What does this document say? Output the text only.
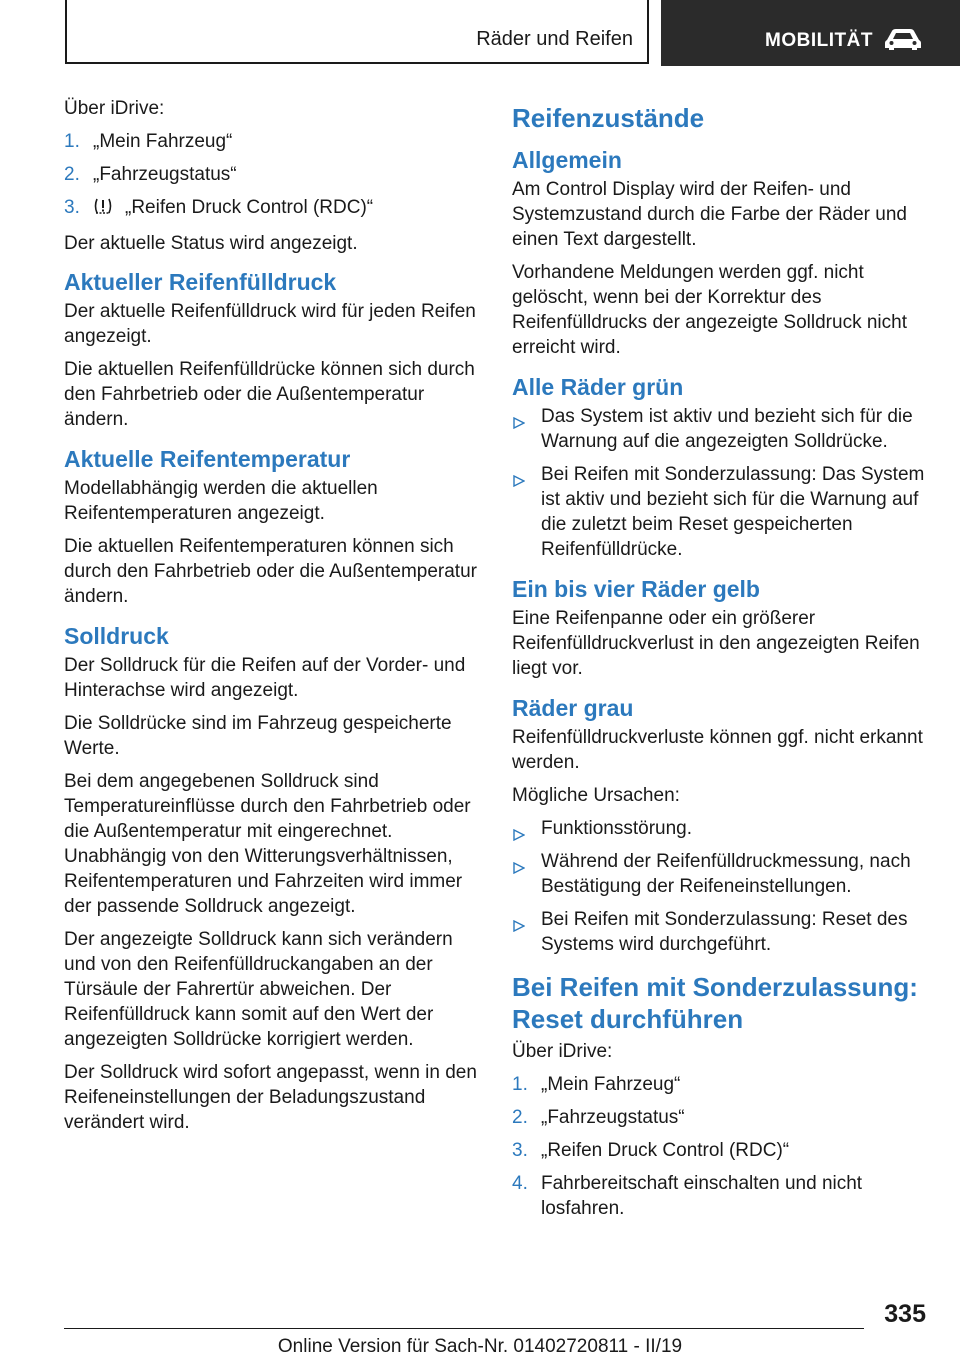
Räder und Reifen	MOBILITÄT

Über iDrive:

1. „Mein Fahrzeug“
2. „Fahrzeugstatus“
3. „Reifen Druck Control (RDC)“

Der aktuelle Status wird angezeigt.

Aktueller Reifenfülldruck

Der aktuelle Reifenfülldruck wird für jeden Reifen angezeigt.

Die aktuellen Reifenfülldrücke können sich durch den Fahrbetrieb oder die Außentemperatur ändern.

Aktuelle Reifentemperatur

Modellabhängig werden die aktuellen Reifentemperaturen angezeigt.

Die aktuellen Reifentemperaturen können sich durch den Fahrbetrieb oder die Außentemperatur ändern.

Solldruck

Der Solldruck für die Reifen auf der Vorder- und Hinterachse wird angezeigt.

Die Solldrücke sind im Fahrzeug gespeicherte Werte.

Bei dem angegebenen Solldruck sind Temperatureinflüsse durch den Fahrbetrieb oder die Außentemperatur mit eingerechnet. Unabhängig von den Witterungsverhältnissen, Reifentemperaturen und Fahrzeiten wird immer der passende Solldruck angezeigt.

Der angezeigte Solldruck kann sich verändern und von den Reifenfülldruckangaben an der Türsäule der Fahrertür abweichen. Der Reifenfülldruck kann somit auf den Wert der angezeigten Solldrücke korrigiert werden.

Der Solldruck wird sofort angepasst, wenn in den Reifeneinstellungen der Beladungszustand verändert wird.

Reifenzustände
Allgemein

Am Control Display wird der Reifen- und Systemzustand durch die Farbe der Räder und einen Text dargestellt.

Vorhandene Meldungen werden ggf. nicht gelöscht, wenn bei der Korrektur des Reifenfülldrucks der angezeigte Solldruck nicht erreicht wird.

Alle Räder grün
Das System ist aktiv und bezieht sich für die Warnung auf die angezeigten Solldrücke.
Bei Reifen mit Sonderzulassung: Das System ist aktiv und bezieht sich für die Warnung auf die zuletzt beim Reset gespeicherten Reifenfülldrücke.
Ein bis vier Räder gelb

Eine Reifenpanne oder ein größerer Reifenfülldruckverlust in den angezeigten Reifen liegt vor.

Räder grau

Reifenfülldruckverluste können ggf. nicht erkannt werden.

Mögliche Ursachen:

Funktionsstörung.
Während der Reifenfülldruckmessung, nach Bestätigung der Reifeneinstellungen.
Bei Reifen mit Sonderzulassung: Reset des Systems wird durchgeführt.
Bei Reifen mit Sonderzulassung: Reset durchführen

Über iDrive:

1. „Mein Fahrzeug“
2. „Fahrzeugstatus“
3. „Reifen Druck Control (RDC)“
4. Fahrbereitschaft einschalten und nicht losfahren.
335
Online Version für Sach-Nr. 01402720811 - II/19
